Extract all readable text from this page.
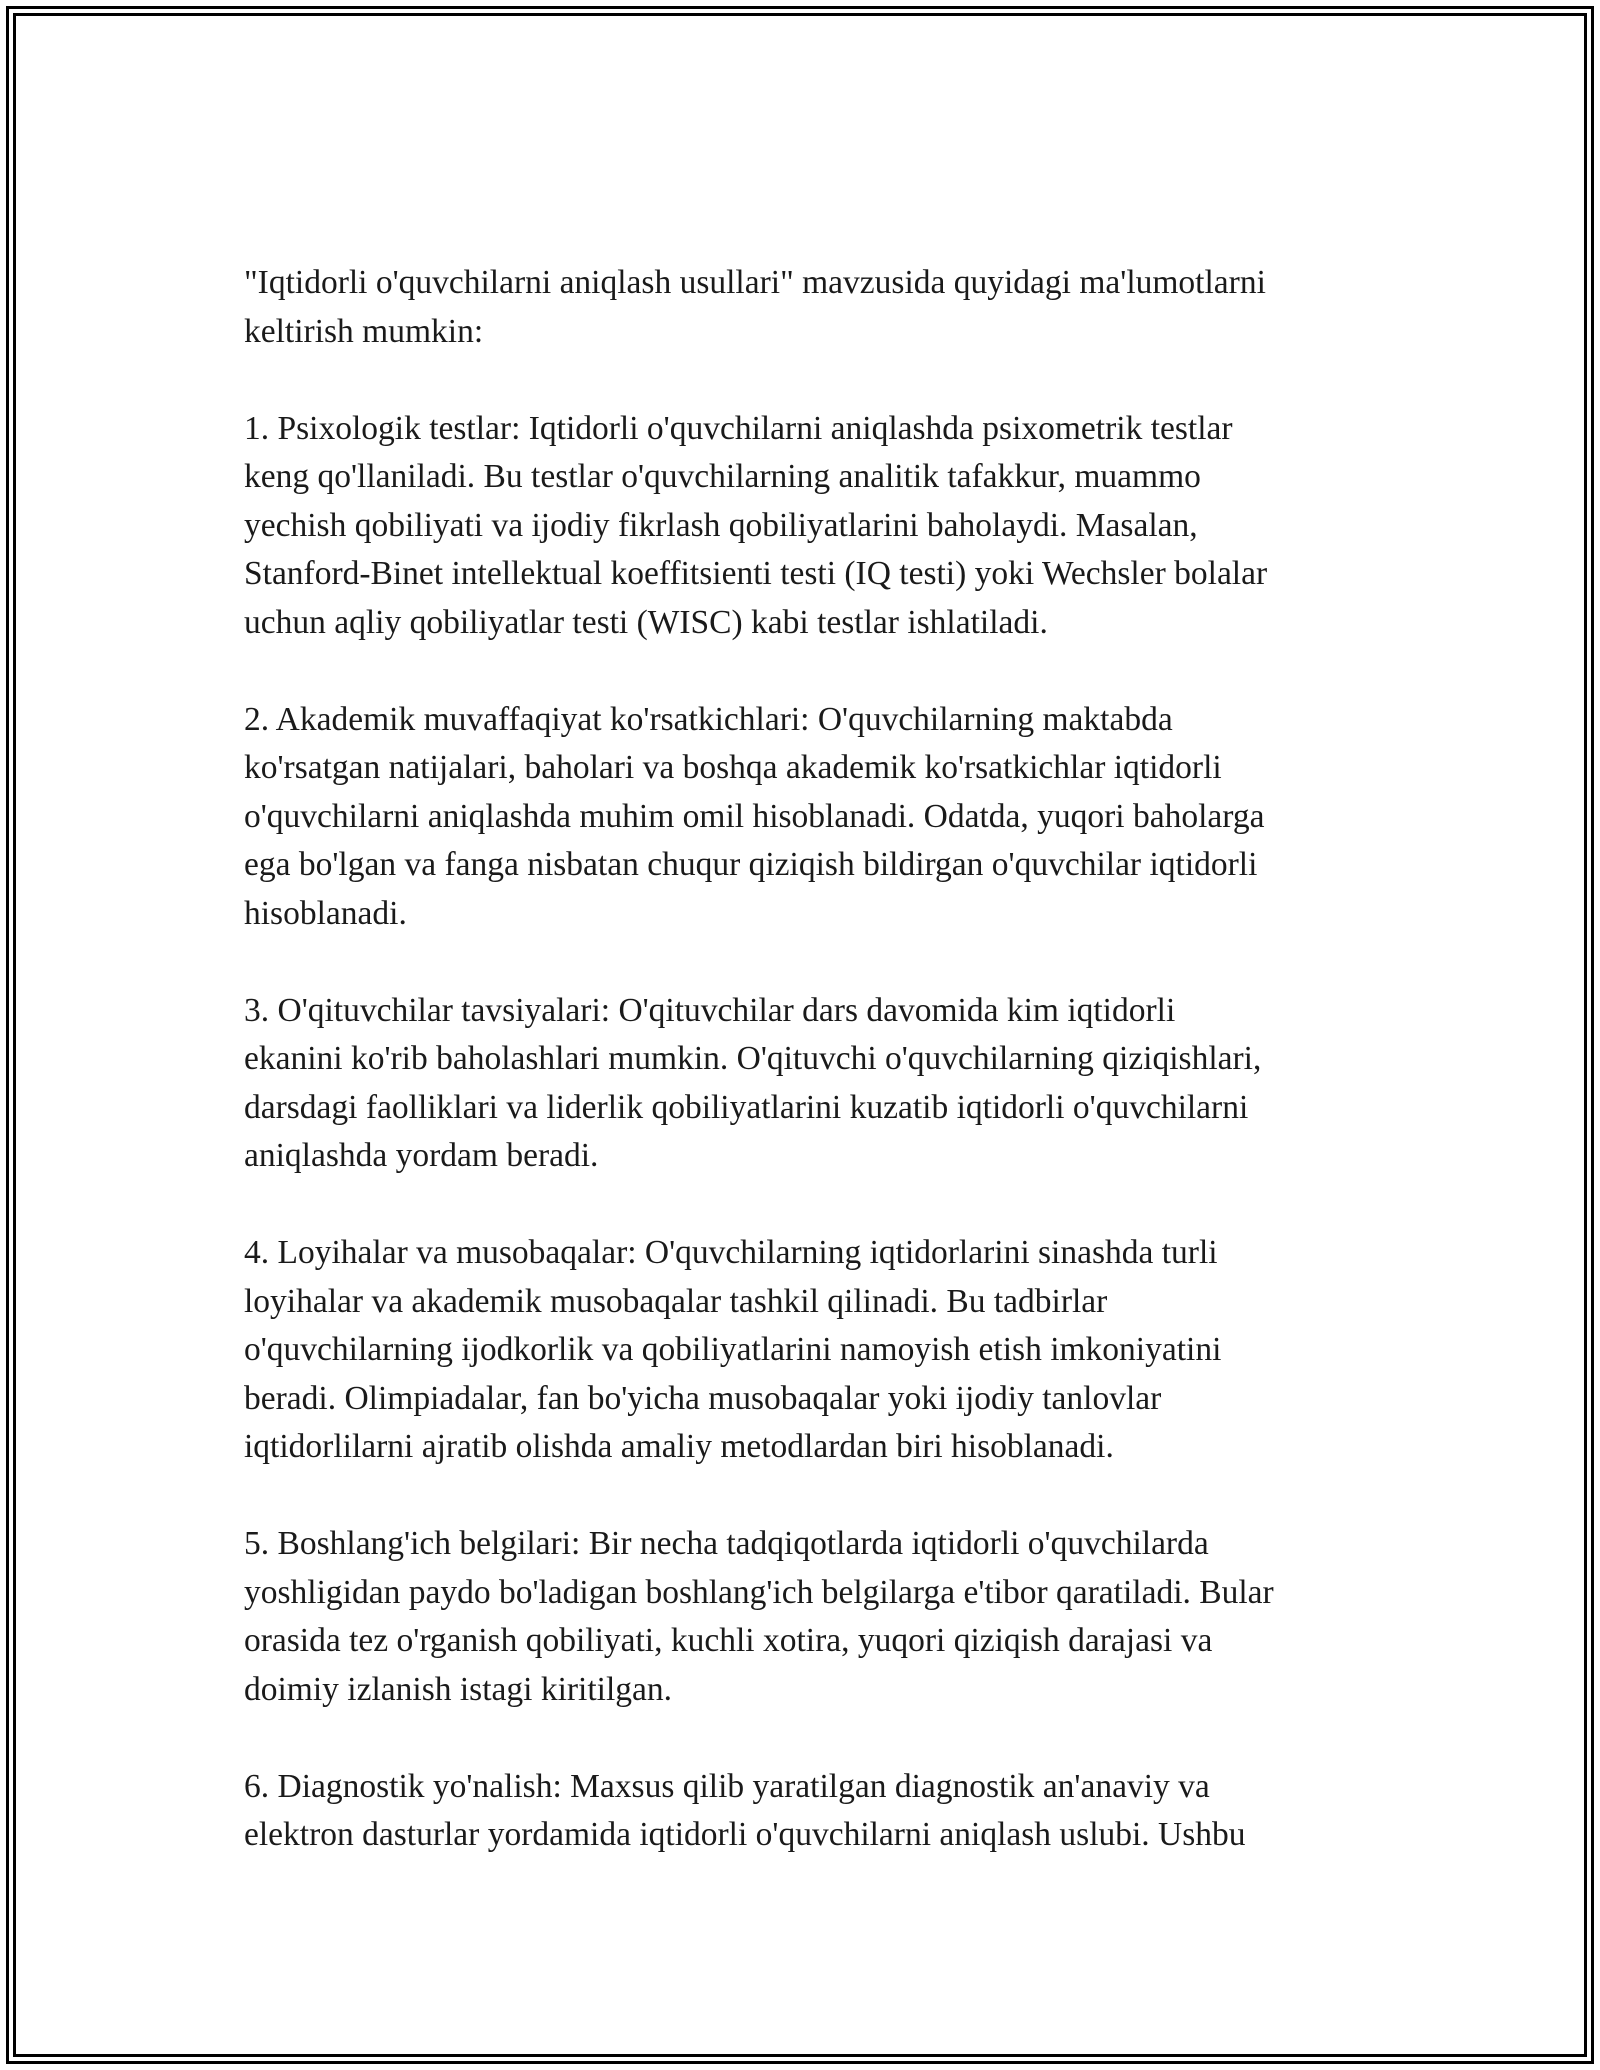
"Iqtidorli o'quvchilarni aniqlash usullari" mavzusida quyidagi ma'lumotlarni
keltirish mumkin:
1. Psixologik testlar: Iqtidorli o'quvchilarni aniqlashda psixometrik testlar
keng qo'llaniladi. Bu testlar o'quvchilarning analitik tafakkur, muammo
yechish qobiliyati va ijodiy fikrlash qobiliyatlarini baholaydi. Masalan,
Stanford-Binet intellektual koeffitsienti testi (IQ testi) yoki Wechsler bolalar
uchun aqliy qobiliyatlar testi (WISC) kabi testlar ishlatiladi.
2. Akademik muvaffaqiyat ko'rsatkichlari: O'quvchilarning maktabda
ko'rsatgan natijalari, baholari va boshqa akademik ko'rsatkichlar iqtidorli
o'quvchilarni aniqlashda muhim omil hisoblanadi. Odatda, yuqori baholarga
ega bo'lgan va fanga nisbatan chuqur qiziqish bildirgan o'quvchilar iqtidorli
hisoblanadi.
3. O'qituvchilar tavsiyalari: O'qituvchilar dars davomida kim iqtidorli
ekanini ko'rib baholashlari mumkin. O'qituvchi o'quvchilarning qiziqishlari,
darsdagi faolliklari va liderlik qobiliyatlarini kuzatib iqtidorli o'quvchilarni
aniqlashda yordam beradi.
4. Loyihalar va musobaqalar: O'quvchilarning iqtidorlarini sinashda turli
loyihalar va akademik musobaqalar tashkil qilinadi. Bu tadbirlar
o'quvchilarning ijodkorlik va qobiliyatlarini namoyish etish imkoniyatini
beradi. Olimpiadalar, fan bo'yicha musobaqalar yoki ijodiy tanlovlar
iqtidorlilarni ajratib olishda amaliy metodlardan biri hisoblanadi.
5. Boshlang'ich belgilari: Bir necha tadqiqotlarda iqtidorli o'quvchilarda
yoshligidan paydo bo'ladigan boshlang'ich belgilarga e'tibor qaratiladi. Bular
orasida tez o'rganish qobiliyati, kuchli xotira, yuqori qiziqish darajasi va
doimiy izlanish istagi kiritilgan.
6. Diagnostik yo'nalish: Maxsus qilib yaratilgan diagnostik an'anaviy va
elektron dasturlar yordamida iqtidorli o'quvchilarni aniqlash uslubi. Ushbu
